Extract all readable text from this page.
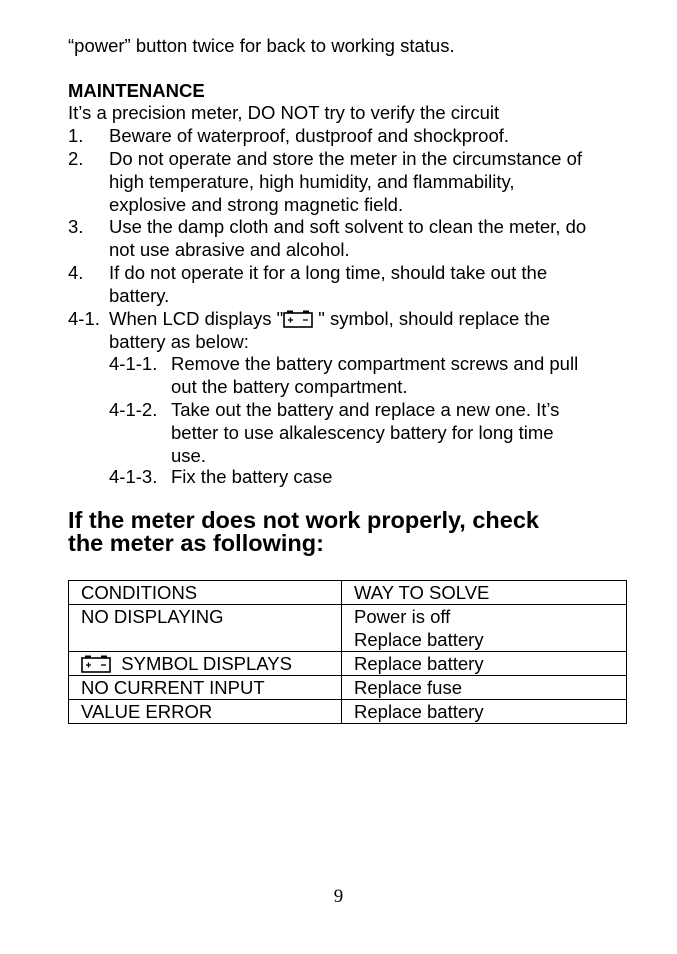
“power” button twice for back to working status.
MAINTENANCE
It’s a precision meter, DO NOT try to verify the circuit
1. Beware of waterproof, dustproof and shockproof.
2. Do not operate and store the meter in the circumstance of
high temperature, high humidity, and flammability,
explosive and strong magnetic field.
3. Use the damp cloth and soft solvent to clean the meter, do
not use abrasive and alcohol.
4. If do not operate it for a long time, should take out the
battery.
4-1. When LCD displays " " symbol, should replace the
battery as below:
4-1-1. Remove the battery compartment screws and pull
out the battery compartment.
4-1-2. Take out the battery and replace a new one. It’s
better to use alkalescency battery for long time
use.
4-1-3. Fix the battery case
If the meter does not work properly, check
the meter as following:
CONDITIONS	WAY TO SOLVE
NO DISPLAYING	Power is off
Replace battery

SYMBOL DISPLAYS	Replace battery
NO CURRENT INPUT	Replace fuse
VALUE ERROR	Replace battery
9
